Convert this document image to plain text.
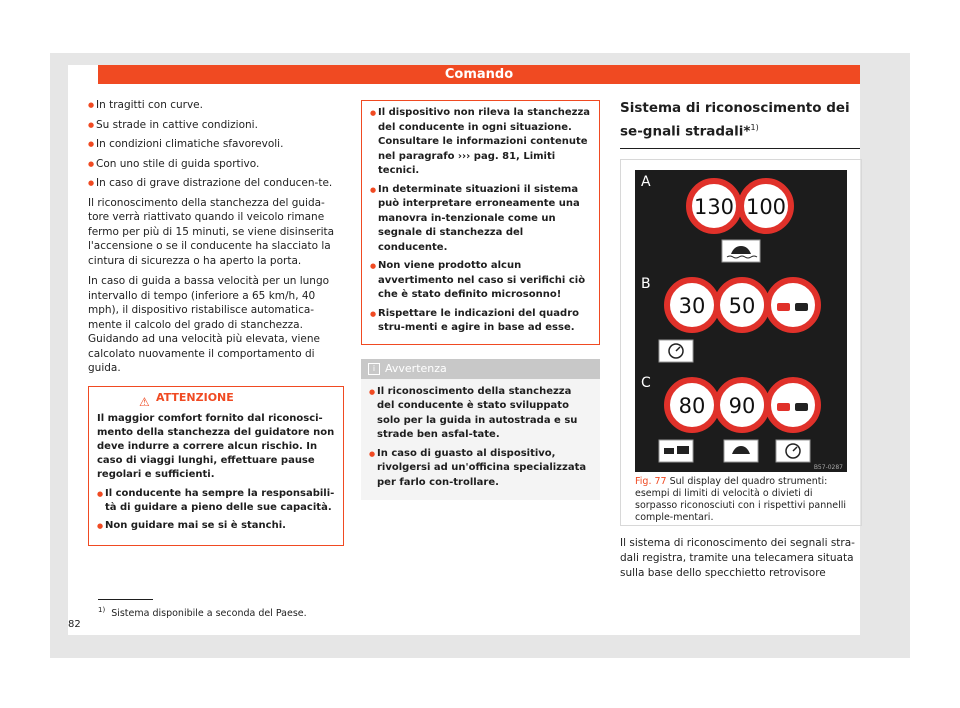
Comando
● In tragitti con curve.
● Su strade in cattive condizioni.
● In condizioni climatiche sfavorevoli.
● Con uno stile di guida sportivo.
● In caso di grave distrazione del conducen-te.

Il riconoscimento della stanchezza del guida-tore verrà riattivato quando il veicolo rimane fermo per più di 15 minuti, se viene disinserita l'accensione o se il conducente ha slacciato la cintura di sicurezza o ha aperto la porta.

In caso di guida a bassa velocità per un lungo intervallo di tempo (inferiore a 65 km/h, 40 mph), il dispositivo ristabilisce automatica-mente il calcolo del grado di stanchezza. Guidando ad una velocità più elevata, viene calcolato nuovamente il comportamento di guida.

⚠ ATTENZIONE

Il maggior comfort fornito dal riconosci-mento della stanchezza del guidatore non deve indurre a correre alcun rischio. In caso di viaggi lunghi, effettuare pause regolari e sufficienti.

● Il conducente ha sempre la responsabili-tà di guidare a pieno delle sue capacità.
● Non guidare mai se si è stanchi.
● Il dispositivo non rileva la stanchezza del conducente in ogni situazione. Consultare le informazioni contenute nel paragrafo ››› pag. 81, Limiti tecnici.
● In determinate situazioni il sistema può interpretare erroneamente una manovra in-tenzionale come un segnale di stanchezza del conducente.
● Non viene prodotto alcun avvertimento nel caso si verifichi ciò che è stato definito microsonno!
● Rispettare le indicazioni del quadro stru-menti e agire in base ad esse.
i Avvertenza
● Il riconoscimento della stanchezza del conducente è stato sviluppato solo per la guida in autostrada e su strade ben asfal-tate.
● In caso di guasto al dispositivo, rivolgersi ad un'officina specializzata per farlo con-trollare.
Sistema di riconoscimento dei se-gnali stradali*$^{1)}$
A
130 100
B
30 50
C
80 90
B57-0287
Fig. 77 Sul display del quadro strumenti: esempi di limiti di velocità o divieti di sorpasso riconosciuti con i rispettivi pannelli comple-mentari.
Il sistema di riconoscimento dei segnali stra-dali registra, tramite una telecamera situata sulla base dello specchietto retrovisore
$^{1)}$ Sistema disponibile a seconda del Paese.
82
